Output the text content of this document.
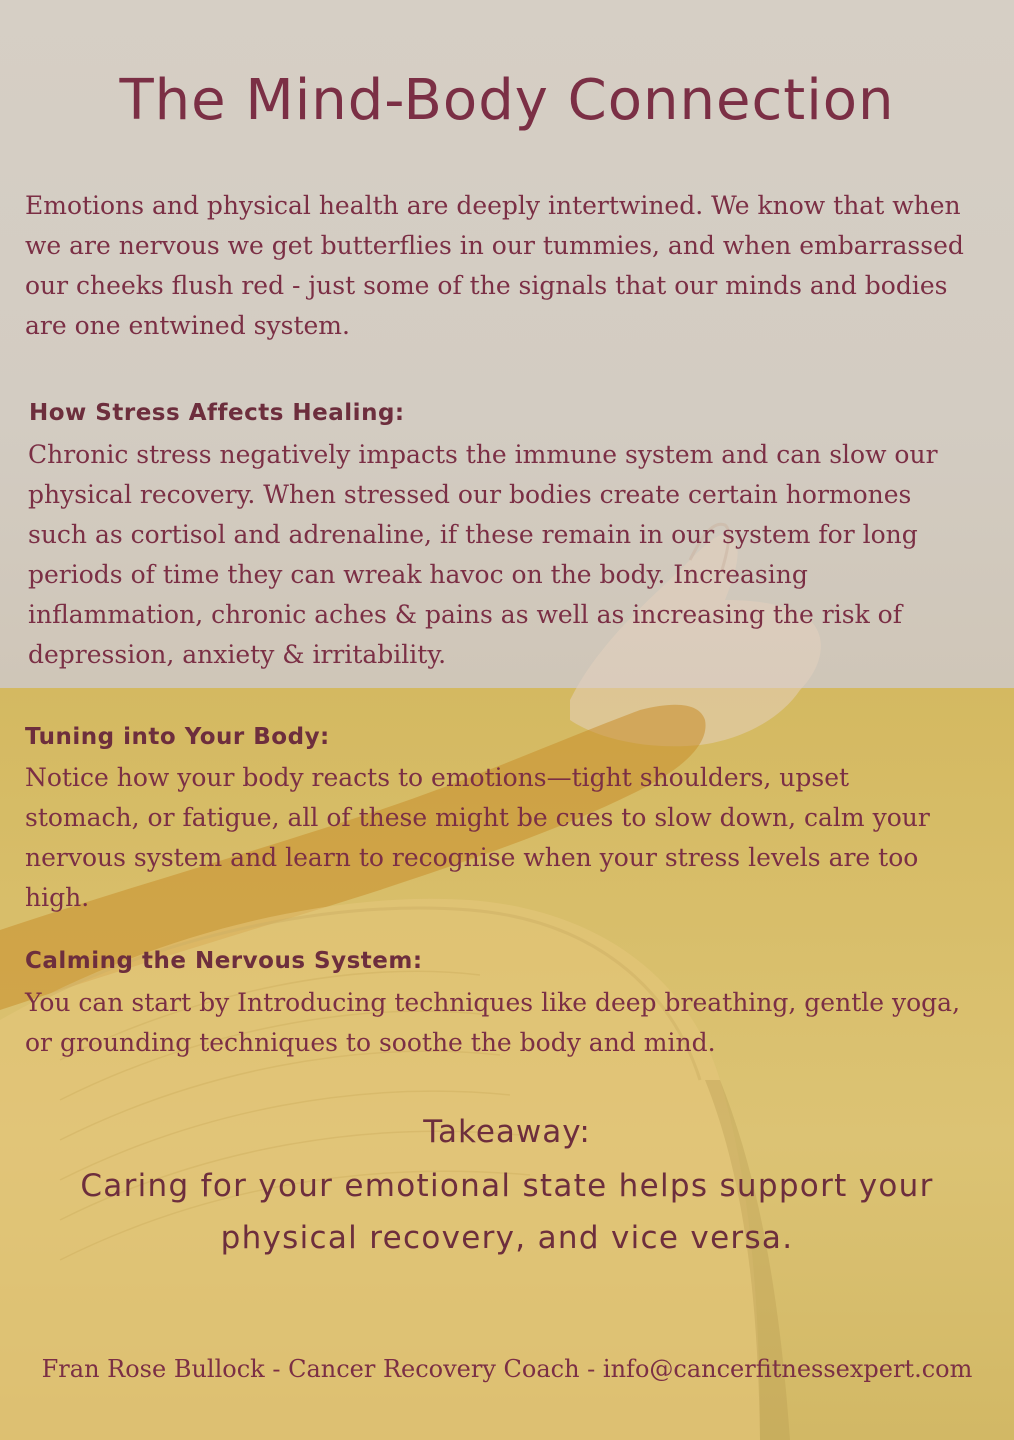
The Mind-Body Connection

Emotions and physical health are deeply intertwined. We know that when we are nervous we get butterflies in our tummies, and when embarrassed our cheeks flush red - just some of the signals that our minds and bodies are one entwined system.

How Stress Affects Healing:

Chronic stress negatively impacts the immune system and can slow our physical recovery. When stressed our bodies create certain hormones such as cortisol and adrenaline, if these remain in our system for long periods of time they can wreak havoc on the body. Increasing inflammation, chronic aches & pains as well as increasing the risk of depression, anxiety & irritability.

Tuning into Your Body:

Notice how your body reacts to emotions—tight shoulders, upset stomach, or fatigue, all of these might be cues to slow down, calm your nervous system and learn to recognise when your stress levels are too high.

Calming the Nervous System:

You can start by Introducing techniques like deep breathing, gentle yoga, or grounding techniques to soothe the body and mind.

Takeaway:
Caring for your emotional state helps support your physical recovery, and vice versa.
Fran Rose Bullock - Cancer Recovery Coach - info@cancerfitnessexpert.com
